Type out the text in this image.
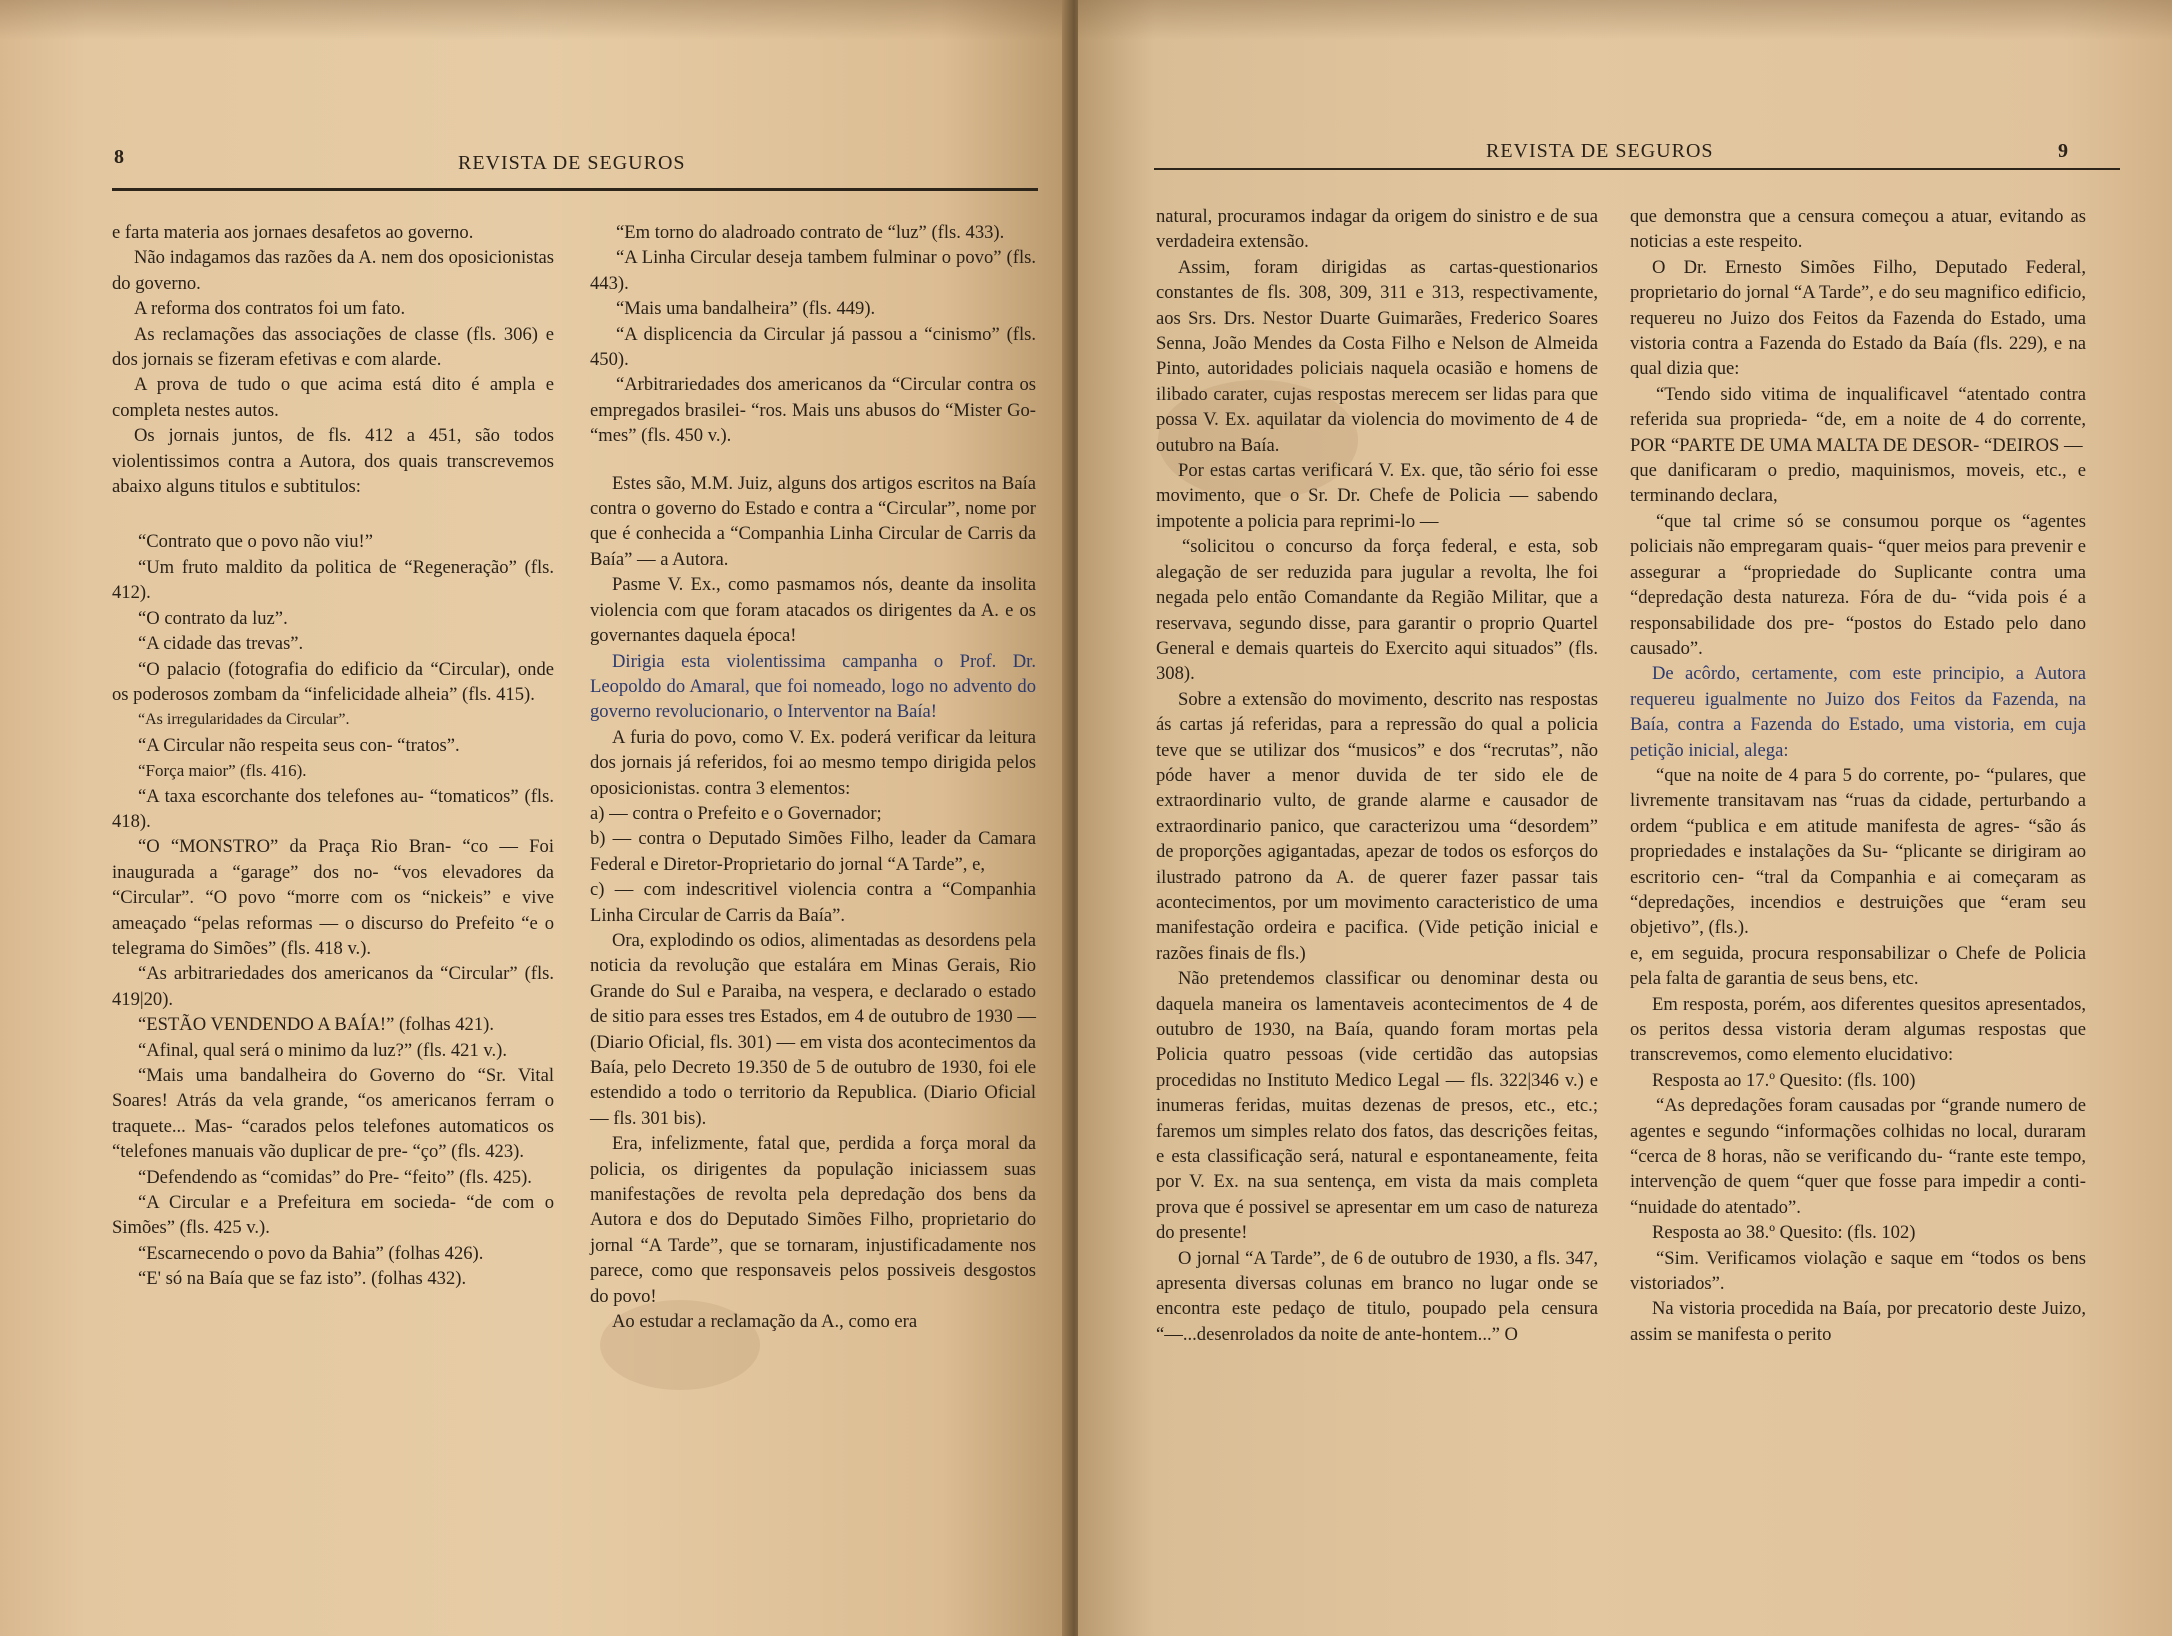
8	REVISTA DE SEGUROS

e farta materia aos jornaes desafetos ao governo.

Não indagamos das razões da A. nem dos oposicionistas do governo.

A reforma dos contratos foi um fato.

As reclamações das associações de classe (fls. 306) e dos jornais se fizeram efetivas e com alarde.

A prova de tudo o que acima está dito é ampla e completa nestes autos.

Os jornais juntos, de fls. 412 a 451, são todos violentissimos contra a Autora, dos quais transcrevemos abaixo alguns titulos e subtitulos:

“Contrato que o povo não viu!”

“Um fruto maldito da politica de “Regeneração” (fls. 412).

“O contrato da luz”.

“A cidade das trevas”.

“O palacio (fotografia do edificio da “Circular), onde os poderosos zombam da “infelicidade alheia” (fls. 415).

“As irregularidades da Circular”.

“A Circular não respeita seus con- “tratos”.

“Força maior” (fls. 416).

“A taxa escorchante dos telefones au- “tomaticos” (fls. 418).

“O “MONSTRO” da Praça Rio Bran- “co — Foi inaugurada a “garage” dos no- “vos elevadores da “Circular”. “O povo “morre com os “nickeis” e vive ameaçado “pelas reformas — o discurso do Prefeito “e o telegrama do Simões” (fls. 418 v.).

“As arbitrariedades dos americanos da “Circular” (fls. 419|20).

“ESTÃO VENDENDO A BAÍA!” (folhas 421).

“Afinal, qual será o minimo da luz?” (fls. 421 v.).

“Mais uma bandalheira do Governo do “Sr. Vital Soares! Atrás da vela grande, “os americanos ferram o traquete... Mas- “carados pelos telefones automaticos os “telefones manuais vão duplicar de pre- “ço” (fls. 423).

“Defendendo as “comidas” do Pre- “feito” (fls. 425).

“A Circular e a Prefeitura em socieda- “de com o Simões” (fls. 425 v.).

“Escarnecendo o povo da Bahia” (folhas 426).

“E' só na Baía que se faz isto”. (folhas 432).

“Em torno do aladroado contrato de “luz” (fls. 433).

“A Linha Circular deseja tambem fulminar o povo” (fls. 443).

“Mais uma bandalheira” (fls. 449).

“A displicencia da Circular já passou a “cinismo” (fls. 450).

“Arbitrariedades dos americanos da “Circular contra os empregados brasilei- “ros. Mais uns abusos do “Mister Go- “mes” (fls. 450 v.).

Estes são, M.M. Juiz, alguns dos artigos escritos na Baía contra o governo do Estado e contra a “Circular”, nome por que é conhecida a “Companhia Linha Circular de Carris da Baía” — a Autora.

Pasme V. Ex., como pasmamos nós, deante da insolita violencia com que foram atacados os dirigentes da A. e os governantes daquela época!

Dirigia esta violentissima campanha o Prof. Dr. Leopoldo do Amaral, que foi nomeado, logo no advento do governo revolucionario, o Interventor na Baía!

A furia do povo, como V. Ex. poderá verificar da leitura dos jornais já referidos, foi ao mesmo tempo dirigida pelos oposicionistas. contra 3 elementos:

a) — contra o Prefeito e o Governador;

b) — contra o Deputado Simões Filho, leader da Camara Federal e Diretor-Proprietario do jornal “A Tarde”, e,

c) — com indescritivel violencia contra a “Companhia Linha Circular de Carris da Baía”.

Ora, explodindo os odios, alimentadas as desordens pela noticia da revolução que estalára em Minas Gerais, Rio Grande do Sul e Paraiba, na vespera, e declarado o estado de sitio para esses tres Estados, em 4 de outubro de 1930 — (Diario Oficial, fls. 301) — em vista dos acontecimentos da Baía, pelo Decreto 19.350 de 5 de outubro de 1930, foi ele estendido a todo o territorio da Republica. (Diario Oficial — fls. 301 bis).

Era, infelizmente, fatal que, perdida a força moral da policia, os dirigentes da população iniciassem suas manifestações de revolta pela depredação dos bens da Autora e dos do Deputado Simões Filho, proprietario do jornal “A Tarde”, que se tornaram, injustificadamente nos parece, como que responsaveis pelos possiveis desgostos do povo!

Ao estudar a reclamação da A., como era

REVISTA DE SEGUROS	9

natural, procuramos indagar da origem do sinistro e de sua verdadeira extensão.

Assim, foram dirigidas as cartas-questionarios constantes de fls. 308, 309, 311 e 313, respectivamente, aos Srs. Drs. Nestor Duarte Guimarães, Frederico Soares Senna, João Mendes da Costa Filho e Nelson de Almeida Pinto, autoridades policiais naquela ocasião e homens de ilibado carater, cujas respostas merecem ser lidas para que possa V. Ex. aquilatar da violencia do movimento de 4 de outubro na Baía.

Por estas cartas verificará V. Ex. que, tão sério foi esse movimento, que o Sr. Dr. Chefe de Policia — sabendo impotente a policia para reprimi-lo —

“solicitou o concurso da força federal, e esta, sob alegação de ser reduzida para jugular a revolta, lhe foi negada pelo então Comandante da Região Militar, que a reservava, segundo disse, para garantir o proprio Quartel General e demais quarteis do Exercito aqui situados” (fls. 308).

Sobre a extensão do movimento, descrito nas respostas ás cartas já referidas, para a repressão do qual a policia teve que se utilizar dos “musicos” e dos “recrutas”, não póde haver a menor duvida de ter sido ele de extraordinario vulto, de grande alarme e causador de extraordinario panico, que caracterizou uma “desordem” de proporções agigantadas, apezar de todos os esforços do ilustrado patrono da A. de querer fazer passar tais acontecimentos, por um movimento caracteristico de uma manifestação ordeira e pacifica. (Vide petição inicial e razões finais de fls.)

Não pretendemos classificar ou denominar desta ou daquela maneira os lamentaveis acontecimentos de 4 de outubro de 1930, na Baía, quando foram mortas pela Policia quatro pessoas (vide certidão das autopsias procedidas no Instituto Medico Legal — fls. 322|346 v.) e inumeras feridas, muitas dezenas de presos, etc., etc.; faremos um simples relato dos fatos, das descrições feitas, e esta classificação será, natural e espontaneamente, feita por V. Ex. na sua sentença, em vista da mais completa prova que é possivel se apresentar em um caso de natureza do presente!

O jornal “A Tarde”, de 6 de outubro de 1930, a fls. 347, apresenta diversas colunas em branco no lugar onde se encontra este pedaço de titulo, poupado pela censura “—...desenrolados da noite de ante-hontem...” O

que demonstra que a censura começou a atuar, evitando as noticias a este respeito.

O Dr. Ernesto Simões Filho, Deputado Federal, proprietario do jornal “A Tarde”, e do seu magnifico edificio, requereu no Juizo dos Feitos da Fazenda do Estado, uma vistoria contra a Fazenda do Estado da Baía (fls. 229), e na qual dizia que:

“Tendo sido vitima de inqualificavel “atentado contra referida sua proprieda- “de, em a noite de 4 do corrente, POR “PARTE DE UMA MALTA DE DESOR- “DEIROS —

que danificaram o predio, maquinismos, moveis, etc., e terminando declara,

“que tal crime só se consumou porque os “agentes policiais não empregaram quais- “quer meios para prevenir e assegurar a “propriedade do Suplicante contra uma “depredação desta natureza. Fóra de du- “vida pois é a responsabilidade dos pre- “postos do Estado pelo dano causado”.

De acôrdo, certamente, com este principio, a Autora requereu igualmente no Juizo dos Feitos da Fazenda, na Baía, contra a Fazenda do Estado, uma vistoria, em cuja petição inicial, alega:

“que na noite de 4 para 5 do corrente, po- “pulares, que livremente transitavam nas “ruas da cidade, perturbando a ordem “publica e em atitude manifesta de agres- “são ás propriedades e instalações da Su- “plicante se dirigiram ao escritorio cen- “tral da Companhia e ai começaram as “depredações, incendios e destruições que “eram seu objetivo”, (fls.).

e, em seguida, procura responsabilizar o Chefe de Policia pela falta de garantia de seus bens, etc.

Em resposta, porém, aos diferentes quesitos apresentados, os peritos dessa vistoria deram algumas respostas que transcrevemos, como elemento elucidativo:

Resposta ao 17.º Quesito: (fls. 100)

“As depredações foram causadas por “grande numero de agentes e segundo “informações colhidas no local, duraram “cerca de 8 horas, não se verificando du- “rante este tempo, intervenção de quem “quer que fosse para impedir a conti- “nuidade do atentado”.

Resposta ao 38.º Quesito: (fls. 102)

“Sim. Verificamos violação e saque em “todos os bens vistoriados”.

Na vistoria procedida na Baía, por precatorio deste Juizo, assim se manifesta o perito
